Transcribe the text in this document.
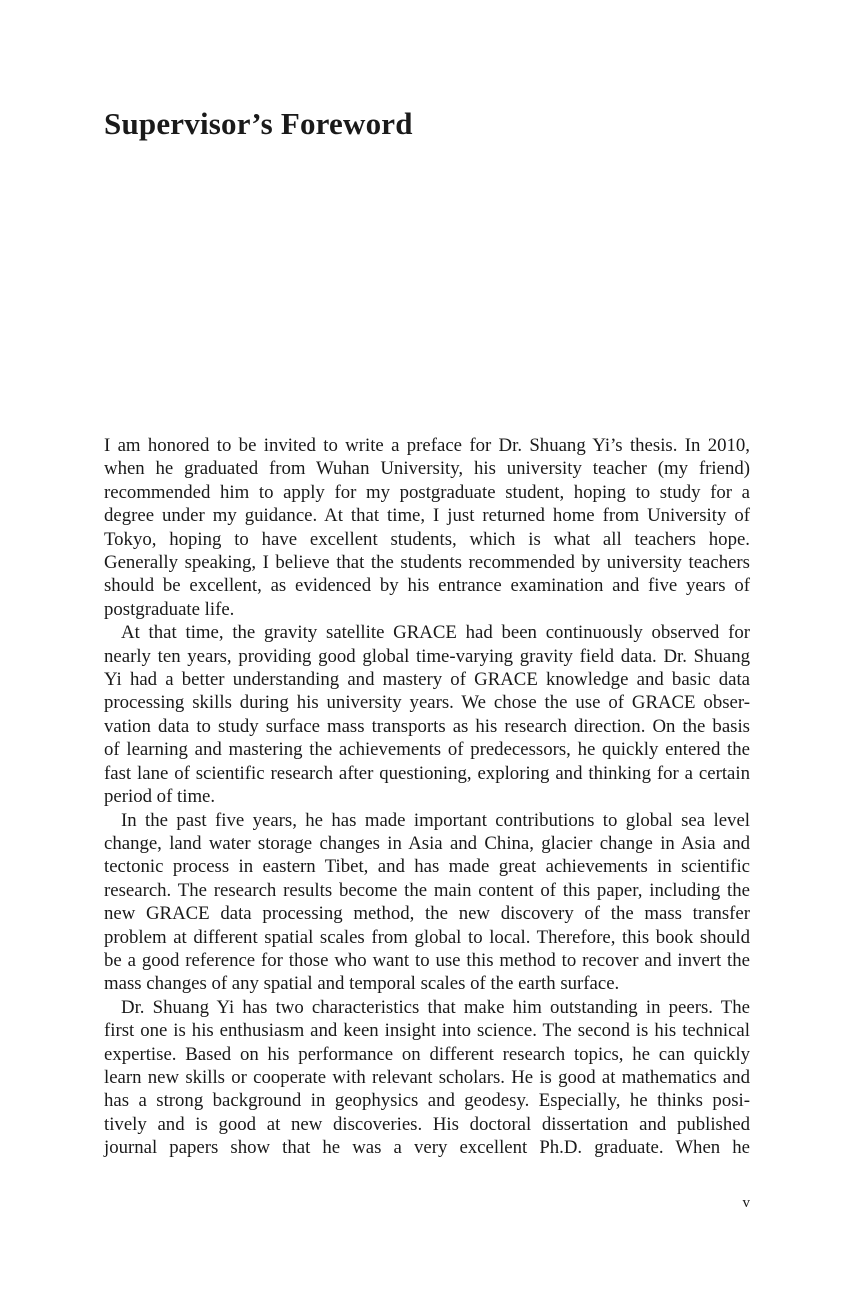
Supervisor’s Foreword

I am honored to be invited to write a preface for Dr. Shuang Yi’s thesis. In 2010,
when he graduated from Wuhan University, his university teacher (my friend)
recommended him to apply for my postgraduate student, hoping to study for a
degree under my guidance. At that time, I just returned home from University of
Tokyo, hoping to have excellent students, which is what all teachers hope.
Generally speaking, I believe that the students recommended by university teachers
should be excellent, as evidenced by his entrance examination and five years of
postgraduate life.

At that time, the gravity satellite GRACE had been continuously observed for
nearly ten years, providing good global time-varying gravity field data. Dr. Shuang
Yi had a better understanding and mastery of GRACE knowledge and basic data
processing skills during his university years. We chose the use of GRACE obser-
vation data to study surface mass transports as his research direction. On the basis
of learning and mastering the achievements of predecessors, he quickly entered the
fast lane of scientific research after questioning, exploring and thinking for a certain
period of time.

In the past five years, he has made important contributions to global sea level
change, land water storage changes in Asia and China, glacier change in Asia and
tectonic process in eastern Tibet, and has made great achievements in scientific
research. The research results become the main content of this paper, including the
new GRACE data processing method, the new discovery of the mass transfer
problem at different spatial scales from global to local. Therefore, this book should
be a good reference for those who want to use this method to recover and invert the
mass changes of any spatial and temporal scales of the earth surface.

Dr. Shuang Yi has two characteristics that make him outstanding in peers. The
first one is his enthusiasm and keen insight into science. The second is his technical
expertise. Based on his performance on different research topics, he can quickly
learn new skills or cooperate with relevant scholars. He is good at mathematics and
has a strong background in geophysics and geodesy. Especially, he thinks posi-
tively and is good at new discoveries. His doctoral dissertation and published
journal papers show that he was a very excellent Ph.D. graduate. When he

v
